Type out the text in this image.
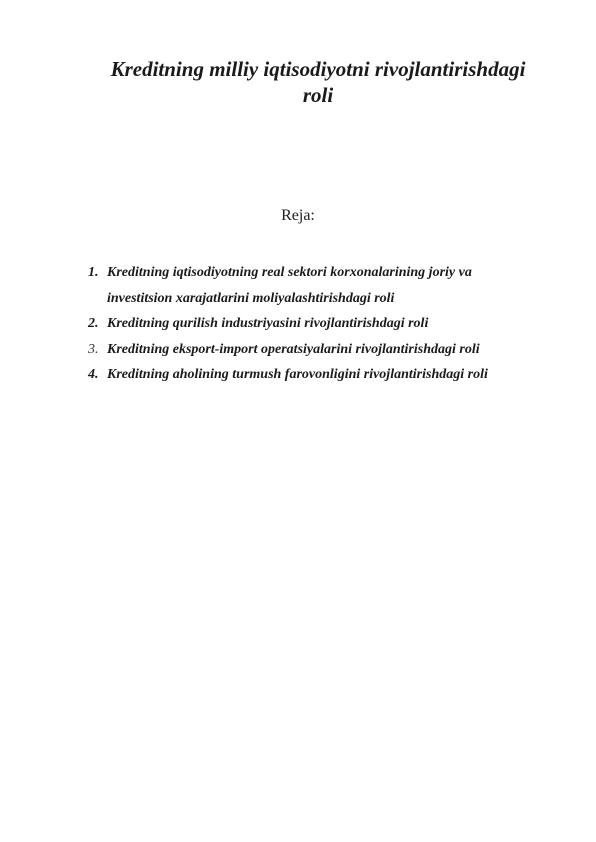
Kreditning milliy iqtisodiyotni rivojlantirishdagi
roli
Reja:
1. Kreditning iqtisodiyotning real sektori korxonalarining joriy va
investitsion xarajatlarini moliyalashtirishdagi roli
2. Kreditning qurilish industriyasini rivojlantirishdagi roli
3. Kreditning eksport-import operatsiyalarini rivojlantirishdagi roli
4. Kreditning aholining turmush farovonligini rivojlantirishdagi roli
